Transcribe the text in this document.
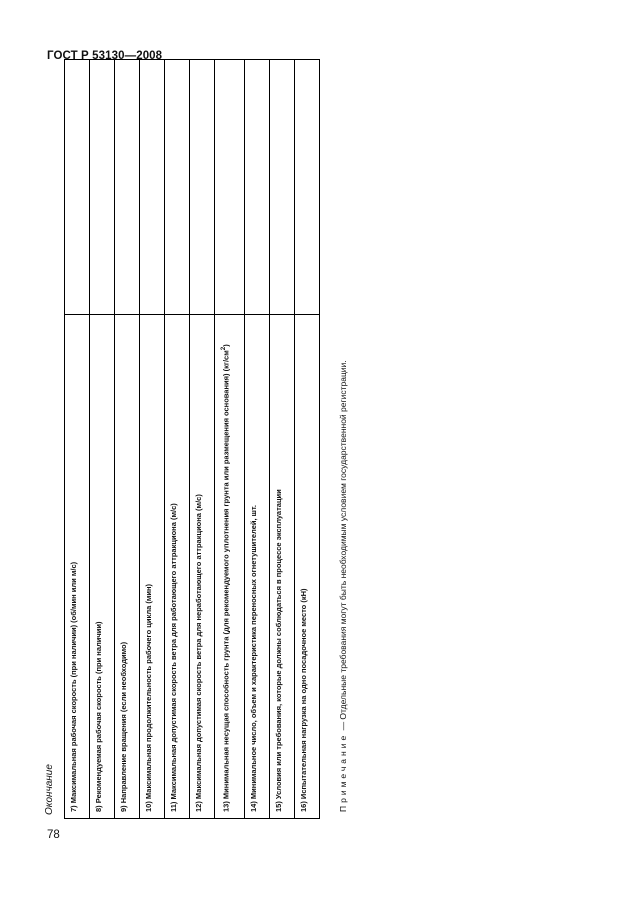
ГОСТ Р 53130—2008
Окончание 7) Максимальная рабочая скорость (при наличии) (об/мин или м/с)	
8) Рекомендуемая рабочая скорость (при наличии)	
9) Направление вращения (если необходимо)	
10) Максимальная продолжительность рабочего цикла (мин)	
11) Максимальная допустимая скорость ветра для работающего аттракциона (м/с)	
12) Максимальная допустимая скорость ветра для неработающего аттракциона (м/с)	
13) Минимальная несущая способность грунта (для рекомендуемого уплотнения грунта или размещения основания) $(кг/см^2)$	
14) Минимальное число, объем и характеристика переносных огнетушителей, шт.	
15) Условия или требования, которые должны соблюдаться в процессе эксплуатации	
16) Испытательная нагрузка на одно посадочное место (кН)		Примечание — Отдельные требования могут быть необходимым условием государственной регистрации.
78
